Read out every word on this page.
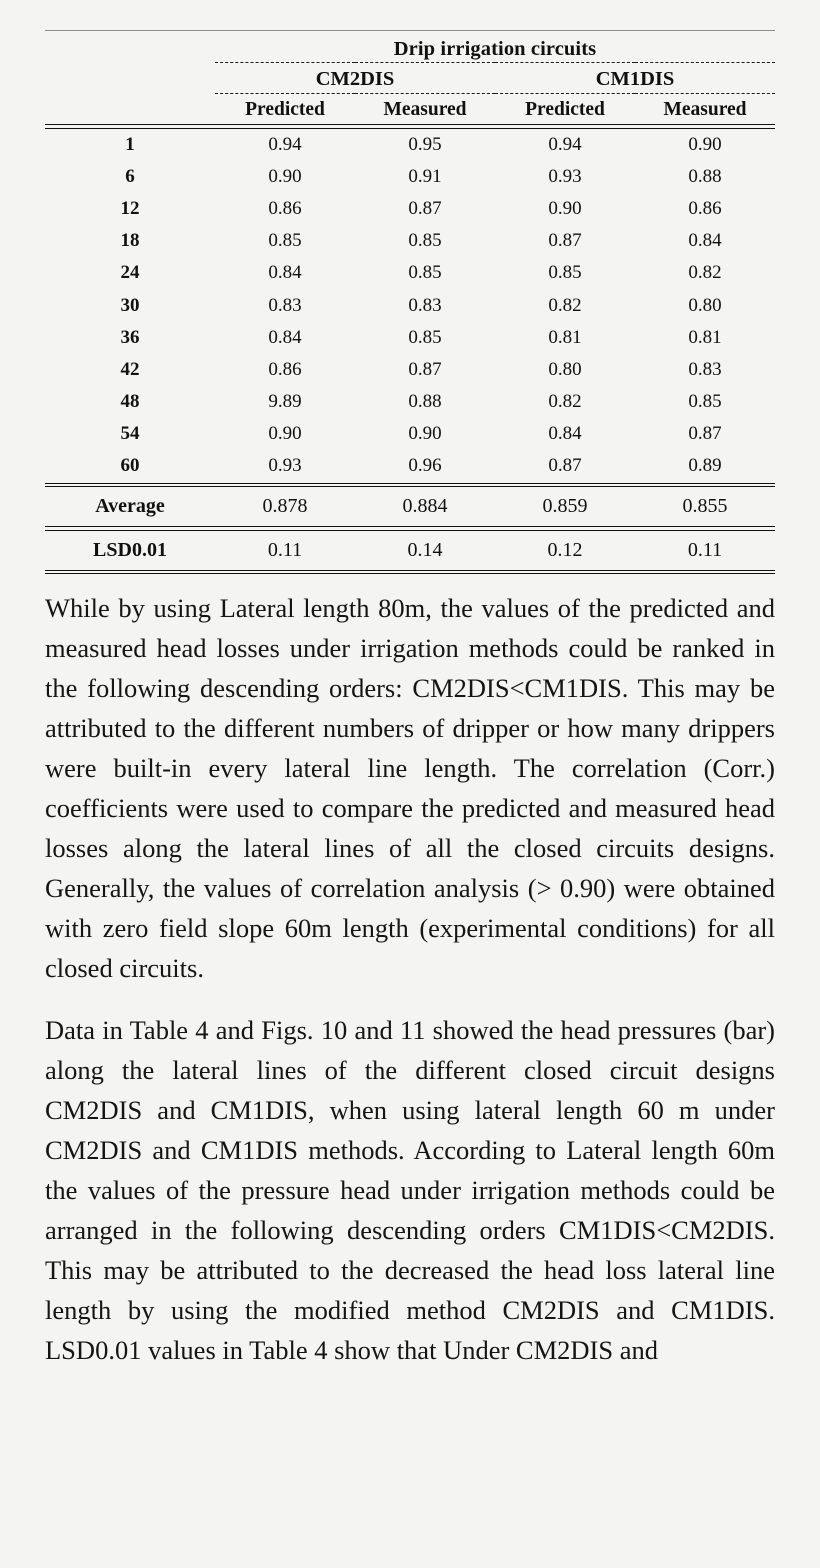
	Drip irrigation circuits			

	CM2DIS		CM1DIS	

	Predicted	Measured	Predicted	Measured

1	0.94	0.95	0.94	0.90
6	0.90	0.91	0.93	0.88
12	0.86	0.87	0.90	0.86
18	0.85	0.85	0.87	0.84
24	0.84	0.85	0.85	0.82
30	0.83	0.83	0.82	0.80
36	0.84	0.85	0.81	0.81
42	0.86	0.87	0.80	0.83
48	9.89	0.88	0.82	0.85
54	0.90	0.90	0.84	0.87
60	0.93	0.96	0.87	0.89

Average	0.878	0.884	0.859	0.855

LSD0.01	0.11	0.14	0.12	0.11

While by using Lateral length 80m, the values of the predicted and measured head losses under irrigation methods could be ranked in the following descending orders: CM2DIS<CM1DIS. This may be attributed to the different numbers of dripper or how many drippers were built-in every lateral line length. The correlation (Corr.) coefficients were used to compare the predicted and measured head losses along the lateral lines of all the closed circuits designs. Generally, the values of correlation analysis (> 0.90) were obtained with zero field slope 60m length (experimental conditions) for all closed circuits.

Data in Table 4 and Figs. 10 and 11 showed the head pressures (bar) along the lateral lines of the different closed circuit designs CM2DIS and CM1DIS, when using lateral length 60 m under CM2DIS and CM1DIS methods. According to Lateral length 60m the values of the pressure head under irrigation methods could be arranged in the following descending orders CM1DIS<CM2DIS. This may be attributed to the decreased the head loss lateral line length by using the modified method CM2DIS and CM1DIS. LSD0.01 values in Table 4 show that Under CM2DIS and
